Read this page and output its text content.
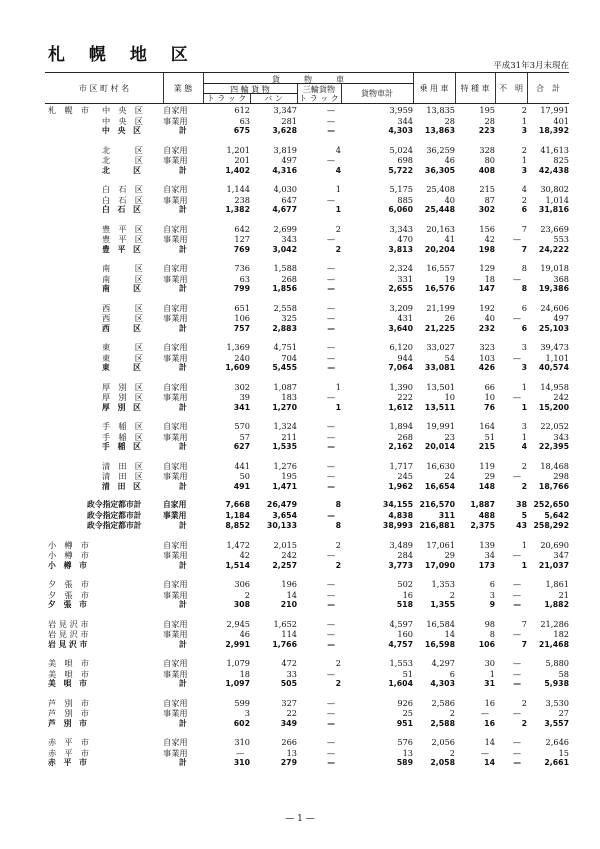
札 幌 地 区
平成31年3月末現在
市 区 町 村 名	業 態
貨　　　物　　　車
四 輪 貨 物
ト ラ ッ ク	バ ン
三輪貨物
ト ラ ッ ク
貨物車計
乗 用 車	特 種 車	不　明	合　計
札　幌　市 中　央　区	自家用	612	3,347	—	3,959	13,835	195	2	17,991
中　央　区	事業用	63	281	—	344	28	28	1	401
中　央　区	計	675	3,628	—	4,303	13,863	223	3	18,392

北　　　区	自家用	1,201	3,819	4	5,024	36,259	328	2	41,613
北　　　区	事業用	201	497	—	698	46	80	1	825
北　　　区	計	1,402	4,316	4	5,722	36,305	408	3	42,438

白　石　区	自家用	1,144	4,030	1	5,175	25,408	215	4	30,802
白　石　区	事業用	238	647	—	885	40	87	2	1,014
白　石　区	計	1,382	4,677	1	6,060	25,448	302	6	31,816

豊　平　区	自家用	642	2,699	2	3,343	20,163	156	7	23,669
豊　平　区	事業用	127	343	—	470	41	42	—	553
豊　平　区	計	769	3,042	2	3,813	20,204	198	7	24,222

南　　　区	自家用	736	1,588	—	2,324	16,557	129	8	19,018
南　　　区	事業用	63	268	—	331	19	18	—	368
南　　　区	計	799	1,856	—	2,655	16,576	147	8	19,386

西　　　区	自家用	651	2,558	—	3,209	21,199	192	6	24,606
西　　　区	事業用	106	325	—	431	26	40	—	497
西　　　区	計	757	2,883	—	3,640	21,225	232	6	25,103

東　　　区	自家用	1,369	4,751	—	6,120	33,027	323	3	39,473
東　　　区	事業用	240	704	—	944	54	103	—	1,101
東　　　区	計	1,609	5,455	—	7,064	33,081	426	3	40,574

厚　別　区	自家用	302	1,087	1	1,390	13,501	66	1	14,958
厚　別　区	事業用	39	183	—	222	10	10	—	242
厚　別　区	計	341	1,270	1	1,612	13,511	76	1	15,200

手　稲　区	自家用	570	1,324	—	1,894	19,991	164	3	22,052
手　稲　区	事業用	57	211	—	268	23	51	1	343
手　稲　区	計	627	1,535	—	2,162	20,014	215	4	22,395

清　田　区	自家用	441	1,276	—	1,717	16,630	119	2	18,468
清　田　区	事業用	50	195	—	245	24	29	—	298
清　田　区	計	491	1,471	—	1,962	16,654	148	2	18,766

政令指定都市計	自家用	7,668	26,479	8	34,155	216,570	1,887	38	252,650
政令指定都市計	事業用	1,184	3,654	—	4,838	311	488	5	5,642
政令指定都市計	計	8,852	30,133	8	38,993	216,881	2,375	43	258,292

小　樽　市	自家用	1,472	2,015	2	3,489	17,061	139	1	20,690
小　樽　市	事業用	42	242	—	284	29	34	—	347
小　樽　市	計	1,514	2,257	2	3,773	17,090	173	1	21,037

夕　張　市	自家用	306	196	—	502	1,353	6	—	1,861
夕　張　市	事業用	2	14	—	16	2	3	—	21
夕　張　市	計	308	210	—	518	1,355	9	—	1,882

岩 見 沢 市	自家用	2,945	1,652	—	4,597	16,584	98	7	21,286
岩 見 沢 市	事業用	46	114	—	160	14	8	—	182
岩 見 沢 市	計	2,991	1,766	—	4,757	16,598	106	7	21,468

美　唄　市	自家用	1,079	472	2	1,553	4,297	30	—	5,880
美　唄　市	事業用	18	33	—	51	6	1	—	58
美　唄　市	計	1,097	505	2	1,604	4,303	31	—	5,938

芦　別　市	自家用	599	327	—	926	2,586	16	2	3,530
芦　別　市	事業用	3	22	—	25	2	—	—	27
芦　別　市	計	602	349	—	951	2,588	16	2	3,557

赤　平　市	自家用	310	266	—	576	2,056	14	—	2,646
赤　平　市	事業用	—	13	—	13	2	—	—	15
赤　平　市	計	310	279	—	589	2,058	14	—	2,661
— 1 —
